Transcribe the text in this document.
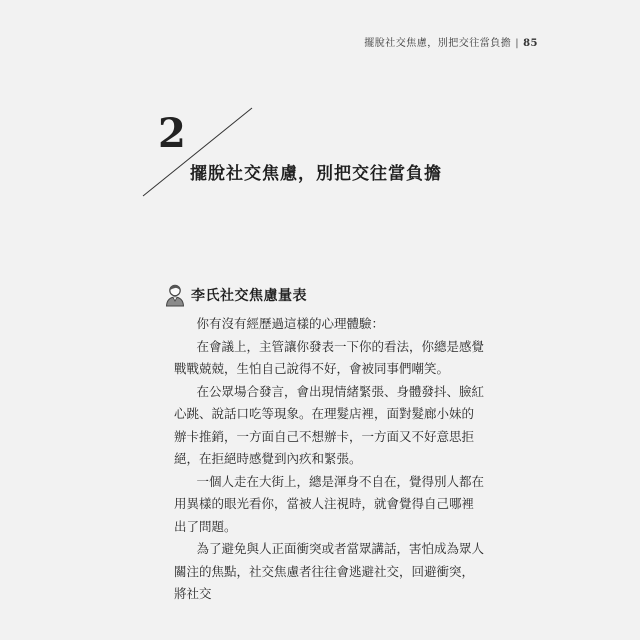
擺脫社交焦慮，別把交往當負擔 | 85
2
擺脫社交焦慮，別把交往當負擔
李氏社交焦慮量表

你有沒有經歷過這樣的心理體驗：

在會議上，主管讓你發表一下你的看法，你總是感覺戰戰兢兢，生怕自己說得不好，會被同事們嘲笑。

在公眾場合發言，會出現情緒緊張、身體發抖、臉紅心跳、說話口吃等現象。在理髮店裡，面對髮廊小妹的辦卡推銷，一方面自己不想辦卡，一方面又不好意思拒絕，在拒絕時感覺到內疚和緊張。

一個人走在大街上，總是渾身不自在，覺得別人都在用異樣的眼光看你，當被人注視時，就會覺得自己哪裡出了問題。

為了避免與人正面衝突或者當眾講話，害怕成為眾人關注的焦點，社交焦慮者往往會逃避社交，回避衝突，將社交
